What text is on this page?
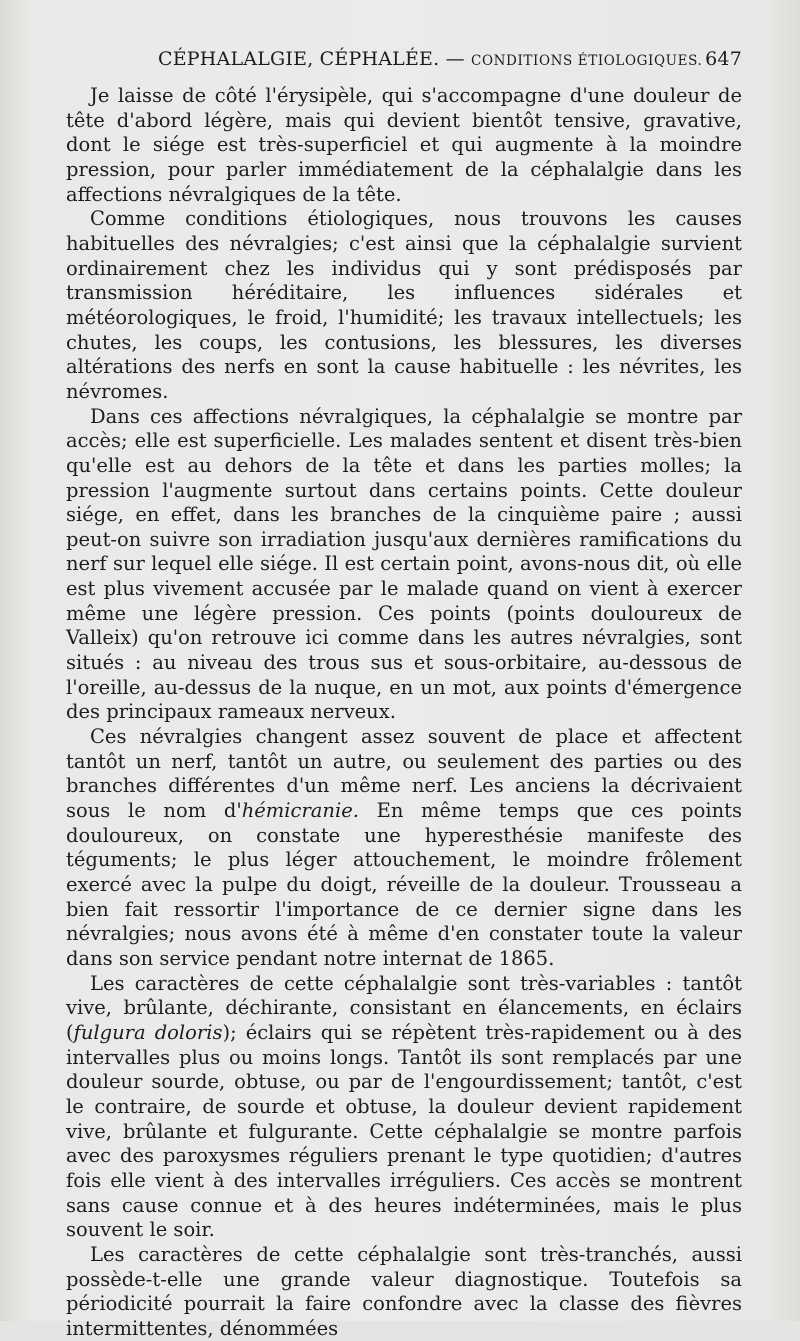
CÉPHALALGIE, CÉPHALÉE. — CONDITIONS ÉTIOLOGIQUES. 647

Je laisse de côté l'érysipèle, qui s'accompagne d'une douleur de tête d'abord légère, mais qui devient bientôt tensive, gravative, dont le siége est très-superficiel et qui augmente à la moindre pression, pour parler immédiatement de la céphalalgie dans les affections névralgiques de la tête.

Comme conditions étiologiques, nous trouvons les causes habituelles des névralgies; c'est ainsi que la céphalalgie survient ordinairement chez les individus qui y sont prédisposés par transmission héréditaire, les influences sidérales et météorologiques, le froid, l'humidité; les travaux intellectuels; les chutes, les coups, les contusions, les blessures, les diverses altérations des nerfs en sont la cause habituelle : les névrites, les névromes.

Dans ces affections névralgiques, la céphalalgie se montre par accès; elle est superficielle. Les malades sentent et disent très-bien qu'elle est au dehors de la tête et dans les parties molles; la pression l'augmente surtout dans certains points. Cette douleur siége, en effet, dans les branches de la cinquième paire ; aussi peut-on suivre son irradiation jusqu'aux dernières ramifications du nerf sur lequel elle siége. Il est certain point, avons-nous dit, où elle est plus vivement accusée par le malade quand on vient à exercer même une légère pression. Ces points (points douloureux de Valleix) qu'on retrouve ici comme dans les autres névralgies, sont situés : au niveau des trous sus et sous-orbitaire, au-dessous de l'oreille, au-dessus de la nuque, en un mot, aux points d'émergence des principaux rameaux nerveux.

Ces névralgies changent assez souvent de place et affectent tantôt un nerf, tantôt un autre, ou seulement des parties ou des branches différentes d'un même nerf. Les anciens la décrivaient sous le nom d'hémicranie. En même temps que ces points douloureux, on constate une hyperesthésie manifeste des téguments; le plus léger attouchement, le moindre frôlement exercé avec la pulpe du doigt, réveille de la douleur. Trousseau a bien fait ressortir l'importance de ce dernier signe dans les névralgies; nous avons été à même d'en constater toute la valeur dans son service pendant notre internat de 1865.

Les caractères de cette céphalalgie sont très-variables : tantôt vive, brûlante, déchirante, consistant en élancements, en éclairs (fulgura doloris); éclairs qui se répètent très-rapidement ou à des intervalles plus ou moins longs. Tantôt ils sont remplacés par une douleur sourde, obtuse, ou par de l'engourdissement; tantôt, c'est le contraire, de sourde et obtuse, la douleur devient rapidement vive, brûlante et fulgurante. Cette céphalalgie se montre parfois avec des paroxysmes réguliers prenant le type quotidien; d'autres fois elle vient à des intervalles irréguliers. Ces accès se montrent sans cause connue et à des heures indéterminées, mais le plus souvent le soir.

Les caractères de cette céphalalgie sont très-tranchés, aussi possède-t-elle une grande valeur diagnostique. Toutefois sa périodicité pourrait la faire confondre avec la classe des fièvres intermittentes, dénommées
